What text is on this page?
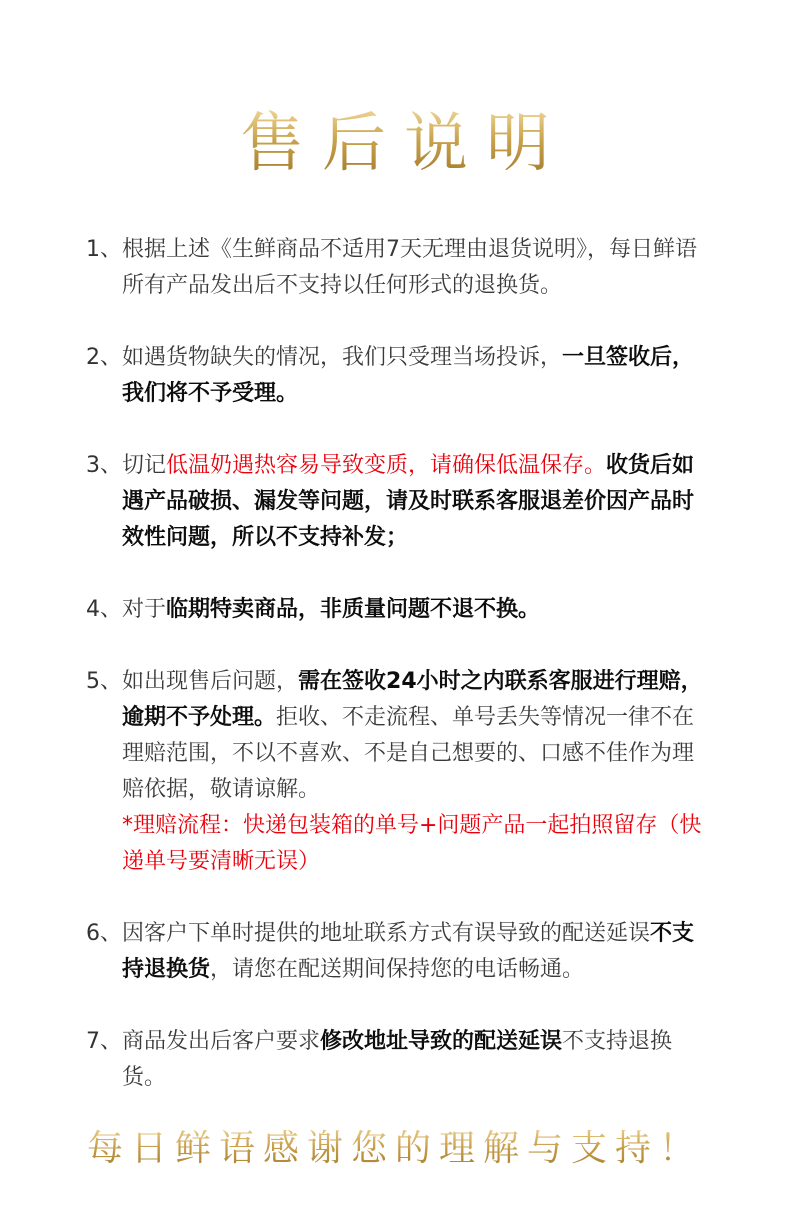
售后说明
1、 根据上述《生鲜商品不适用7天无理由退货说明》，每日鲜语所有产品发出后不支持以任何形式的退换货。
2、 如遇货物缺失的情况，我们只受理当场投诉，一旦签收后，我们将不予受理。
3、 切记低温奶遇热容易导致变质，请确保低温保存。收货后如遇产品破损、漏发等问题，请及时联系客服退差价因产品时效性问题，所以不支持补发；
4、 对于临期特卖商品，非质量问题不退不换。
5、 如出现售后问题，需在签收24小时之内联系客服进行理赔，逾期不予处理。拒收、不走流程、单号丢失等情况一律不在理赔范围，不以不喜欢、不是自己想要的、口感不佳作为理赔依据，敬请谅解。
*理赔流程：快递包装箱的单号+问题产品一起拍照留存（快递单号要清晰无误）
6、 因客户下单时提供的地址联系方式有误导致的配送延误不支持退换货，请您在配送期间保持您的电话畅通。
7、 商品发出后客户要求修改地址导致的配送延误不支持退换货。
每日鲜语感谢您的理解与支持！
